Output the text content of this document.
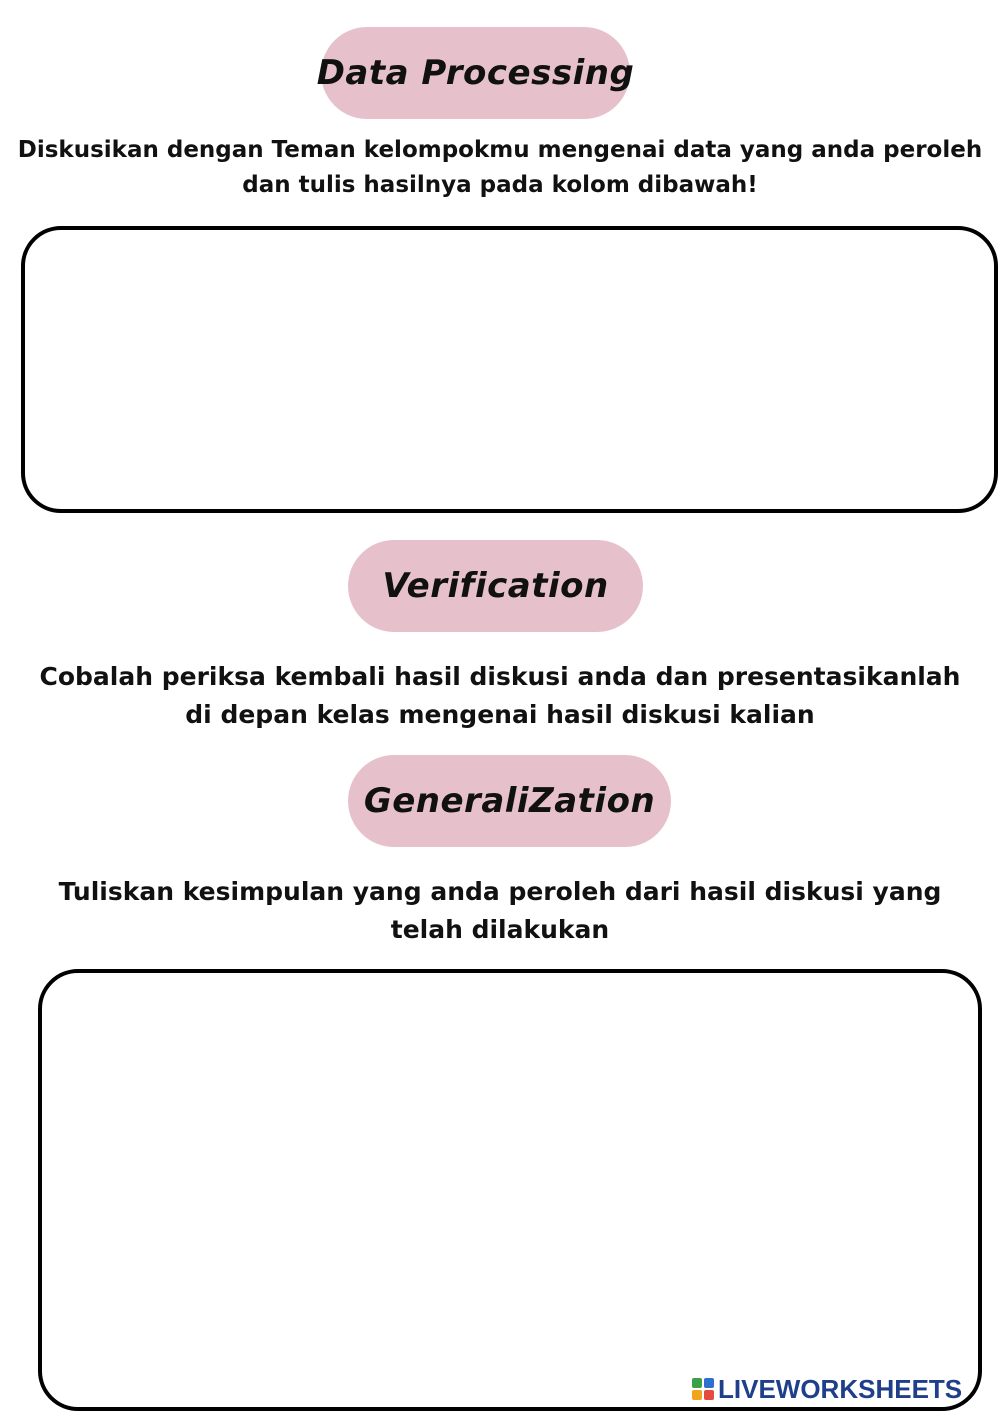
Data Processing
Diskusikan dengan Teman kelompokmu mengenai data yang anda peroleh dan tulis hasilnya pada kolom dibawah!
Verification
Cobalah periksa kembali hasil diskusi anda dan presentasikanlah di depan kelas mengenai hasil diskusi kalian
GeneraliZation
Tuliskan kesimpulan yang anda peroleh dari hasil diskusi yang telah dilakukan
LIVEWORKSHEETS
